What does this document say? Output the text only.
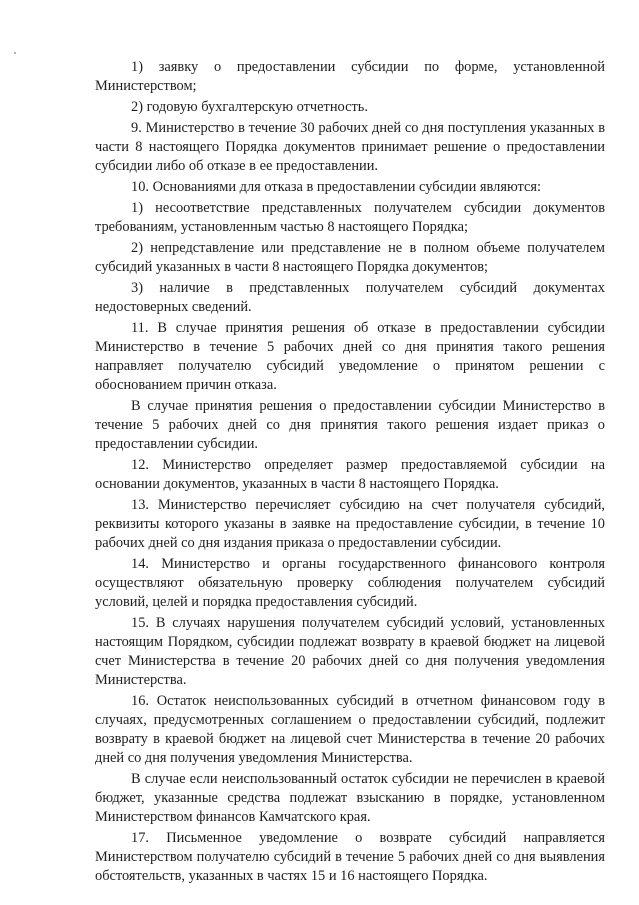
1) заявку о предоставлении субсидии по форме, установленной Министерством;

2) годовую бухгалтерскую отчетность.

9. Министерство в течение 30 рабочих дней со дня поступления указанных в части 8 настоящего Порядка документов принимает решение о предоставлении субсидии либо об отказе в ее предоставлении.

10. Основаниями для отказа в предоставлении субсидии являются:

1) несоответствие представленных получателем субсидии документов требованиям, установленным частью 8 настоящего Порядка;

2) непредставление или представление не в полном объеме получателем субсидий указанных в части 8 настоящего Порядка документов;

3) наличие в представленных получателем субсидий документах недостоверных сведений.

11. В случае принятия решения об отказе в предоставлении субсидии Министерство в течение 5 рабочих дней со дня принятия такого решения направляет получателю субсидий уведомление о принятом решении с обоснованием причин отказа.

В случае принятия решения о предоставлении субсидии Министерство в течение 5 рабочих дней со дня принятия такого решения издает приказ о предоставлении субсидии.

12. Министерство определяет размер предоставляемой субсидии на основании документов, указанных в части 8 настоящего Порядка.

13. Министерство перечисляет субсидию на счет получателя субсидий, реквизиты которого указаны в заявке на предоставление субсидии, в течение 10 рабочих дней со дня издания приказа о предоставлении субсидии.

14. Министерство и органы государственного финансового контроля осуществляют обязательную проверку соблюдения получателем субсидий условий, целей и порядка предоставления субсидий.

15. В случаях нарушения получателем субсидий условий, установленных настоящим Порядком, субсидии подлежат возврату в краевой бюджет на лицевой счет Министерства в течение 20 рабочих дней со дня получения уведомления Министерства.

16. Остаток неиспользованных субсидий в отчетном финансовом году в случаях, предусмотренных соглашением о предоставлении субсидий, подлежит возврату в краевой бюджет на лицевой счет Министерства в течение 20 рабочих дней со дня получения уведомления Министерства.

В случае если неиспользованный остаток субсидии не перечислен в краевой бюджет, указанные средства подлежат взысканию в порядке, установленном Министерством финансов Камчатского края.

17. Письменное уведомление о возврате субсидий направляется Министерством получателю субсидий в течение 5 рабочих дней со дня выявления обстоятельств, указанных в частях 15 и 16 настоящего Порядка.
